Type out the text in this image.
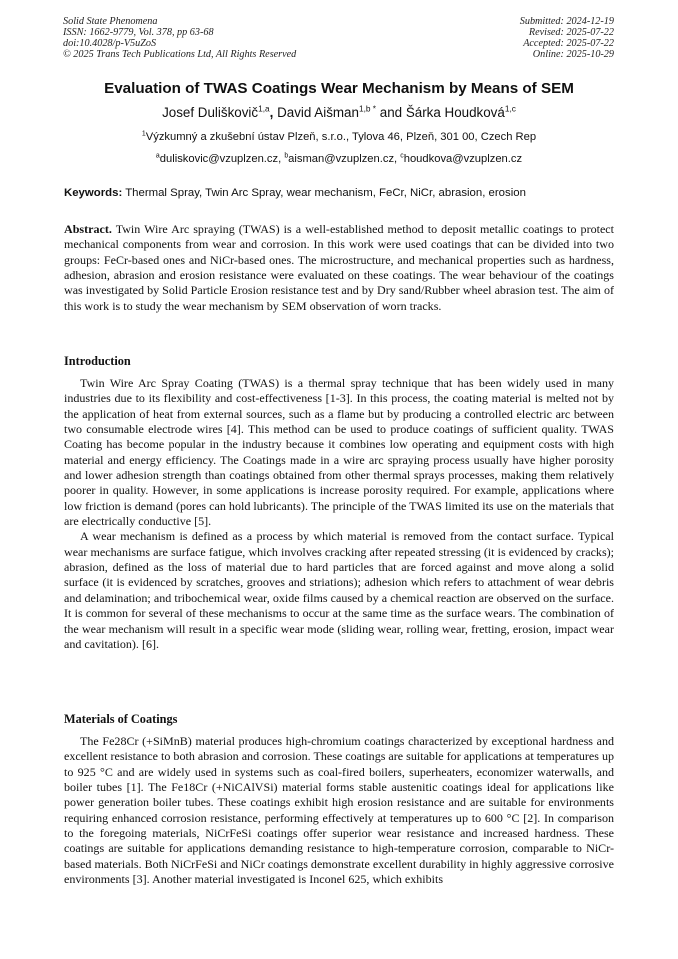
Solid State Phenomena
ISSN: 1662-9779, Vol. 378, pp 63-68
doi:10.4028/p-V5uZoS
© 2025 Trans Tech Publications Ltd, All Rights Reserved
Submitted: 2024-12-19
Revised: 2025-07-22
Accepted: 2025-07-22
Online: 2025-10-29
Evaluation of TWAS Coatings Wear Mechanism by Means of SEM
Josef Duliškovič$^{1,a}$, David Aišman$^{1,b *}$ and Šárka Houdková$^{1,c}$
$^1$Výzkumný a zkušební ústav Plzeň, s.r.o., Tylova 46, Plzeň, 301 00, Czech Rep
$^a$duliskovic@vzuplzen.cz, $^b$aisman@vzuplzen.cz, $^c$houdkova@vzuplzen.cz
Keywords: Thermal Spray, Twin Arc Spray, wear mechanism, FeCr, NiCr, abrasion, erosion

Abstract. Twin Wire Arc spraying (TWAS) is a well-established method to deposit metallic coatings to protect mechanical components from wear and corrosion. In this work were used coatings that can be divided into two groups: FeCr-based ones and NiCr-based ones. The microstructure, and mechanical properties such as hardness, adhesion, abrasion and erosion resistance were evaluated on these coatings. The wear behaviour of the coatings was investigated by Solid Particle Erosion resistance test and by Dry sand/Rubber wheel abrasion test. The aim of this work is to study the wear mechanism by SEM observation of worn tracks.

Introduction

Twin Wire Arc Spray Coating (TWAS) is a thermal spray technique that has been widely used in many industries due to its flexibility and cost-effectiveness [1-3]. In this process, the coating material is melted not by the application of heat from external sources, such as a flame but by producing a controlled electric arc between two consumable electrode wires [4]. This method can be used to produce coatings of sufficient quality. TWAS Coating has become popular in the industry because it combines low operating and equipment costs with high material and energy efficiency. The Coatings made in a wire arc spraying process usually have higher porosity and lower adhesion strength than coatings obtained from other thermal sprays processes, making them relatively poorer in quality. However, in some applications is increase porosity required. For example, applications where low friction is demand (pores can hold lubricants). The principle of the TWAS limited its use on the materials that are electrically conductive [5].

A wear mechanism is defined as a process by which material is removed from the contact surface. Typical wear mechanisms are surface fatigue, which involves cracking after repeated stressing (it is evidenced by cracks); abrasion, defined as the loss of material due to hard particles that are forced against and move along a solid surface (it is evidenced by scratches, grooves and striations); adhesion which refers to attachment of wear debris and delamination; and tribochemical wear, oxide films caused by a chemical reaction are observed on the surface. It is common for several of these mechanisms to occur at the same time as the surface wears. The combination of the wear mechanism will result in a specific wear mode (sliding wear, rolling wear, fretting, erosion, impact wear and cavitation). [6].

Materials of Coatings

The Fe28Cr (+SiMnB) material produces high-chromium coatings characterized by exceptional hardness and excellent resistance to both abrasion and corrosion. These coatings are suitable for applications at temperatures up to 925 °C and are widely used in systems such as coal-fired boilers, superheaters, economizer waterwalls, and boiler tubes [1]. The Fe18Cr (+NiCAlVSi) material forms stable austenitic coatings ideal for applications like power generation boiler tubes. These coatings exhibit high erosion resistance and are suitable for environments requiring enhanced corrosion resistance, performing effectively at temperatures up to 600 °C [2]. In comparison to the foregoing materials, NiCrFeSi coatings offer superior wear resistance and increased hardness. These coatings are suitable for applications demanding resistance to high-temperature corrosion, comparable to NiCr-based materials. Both NiCrFeSi and NiCr coatings demonstrate excellent durability in highly aggressive corrosive environments [3]. Another material investigated is Inconel 625, which exhibits
